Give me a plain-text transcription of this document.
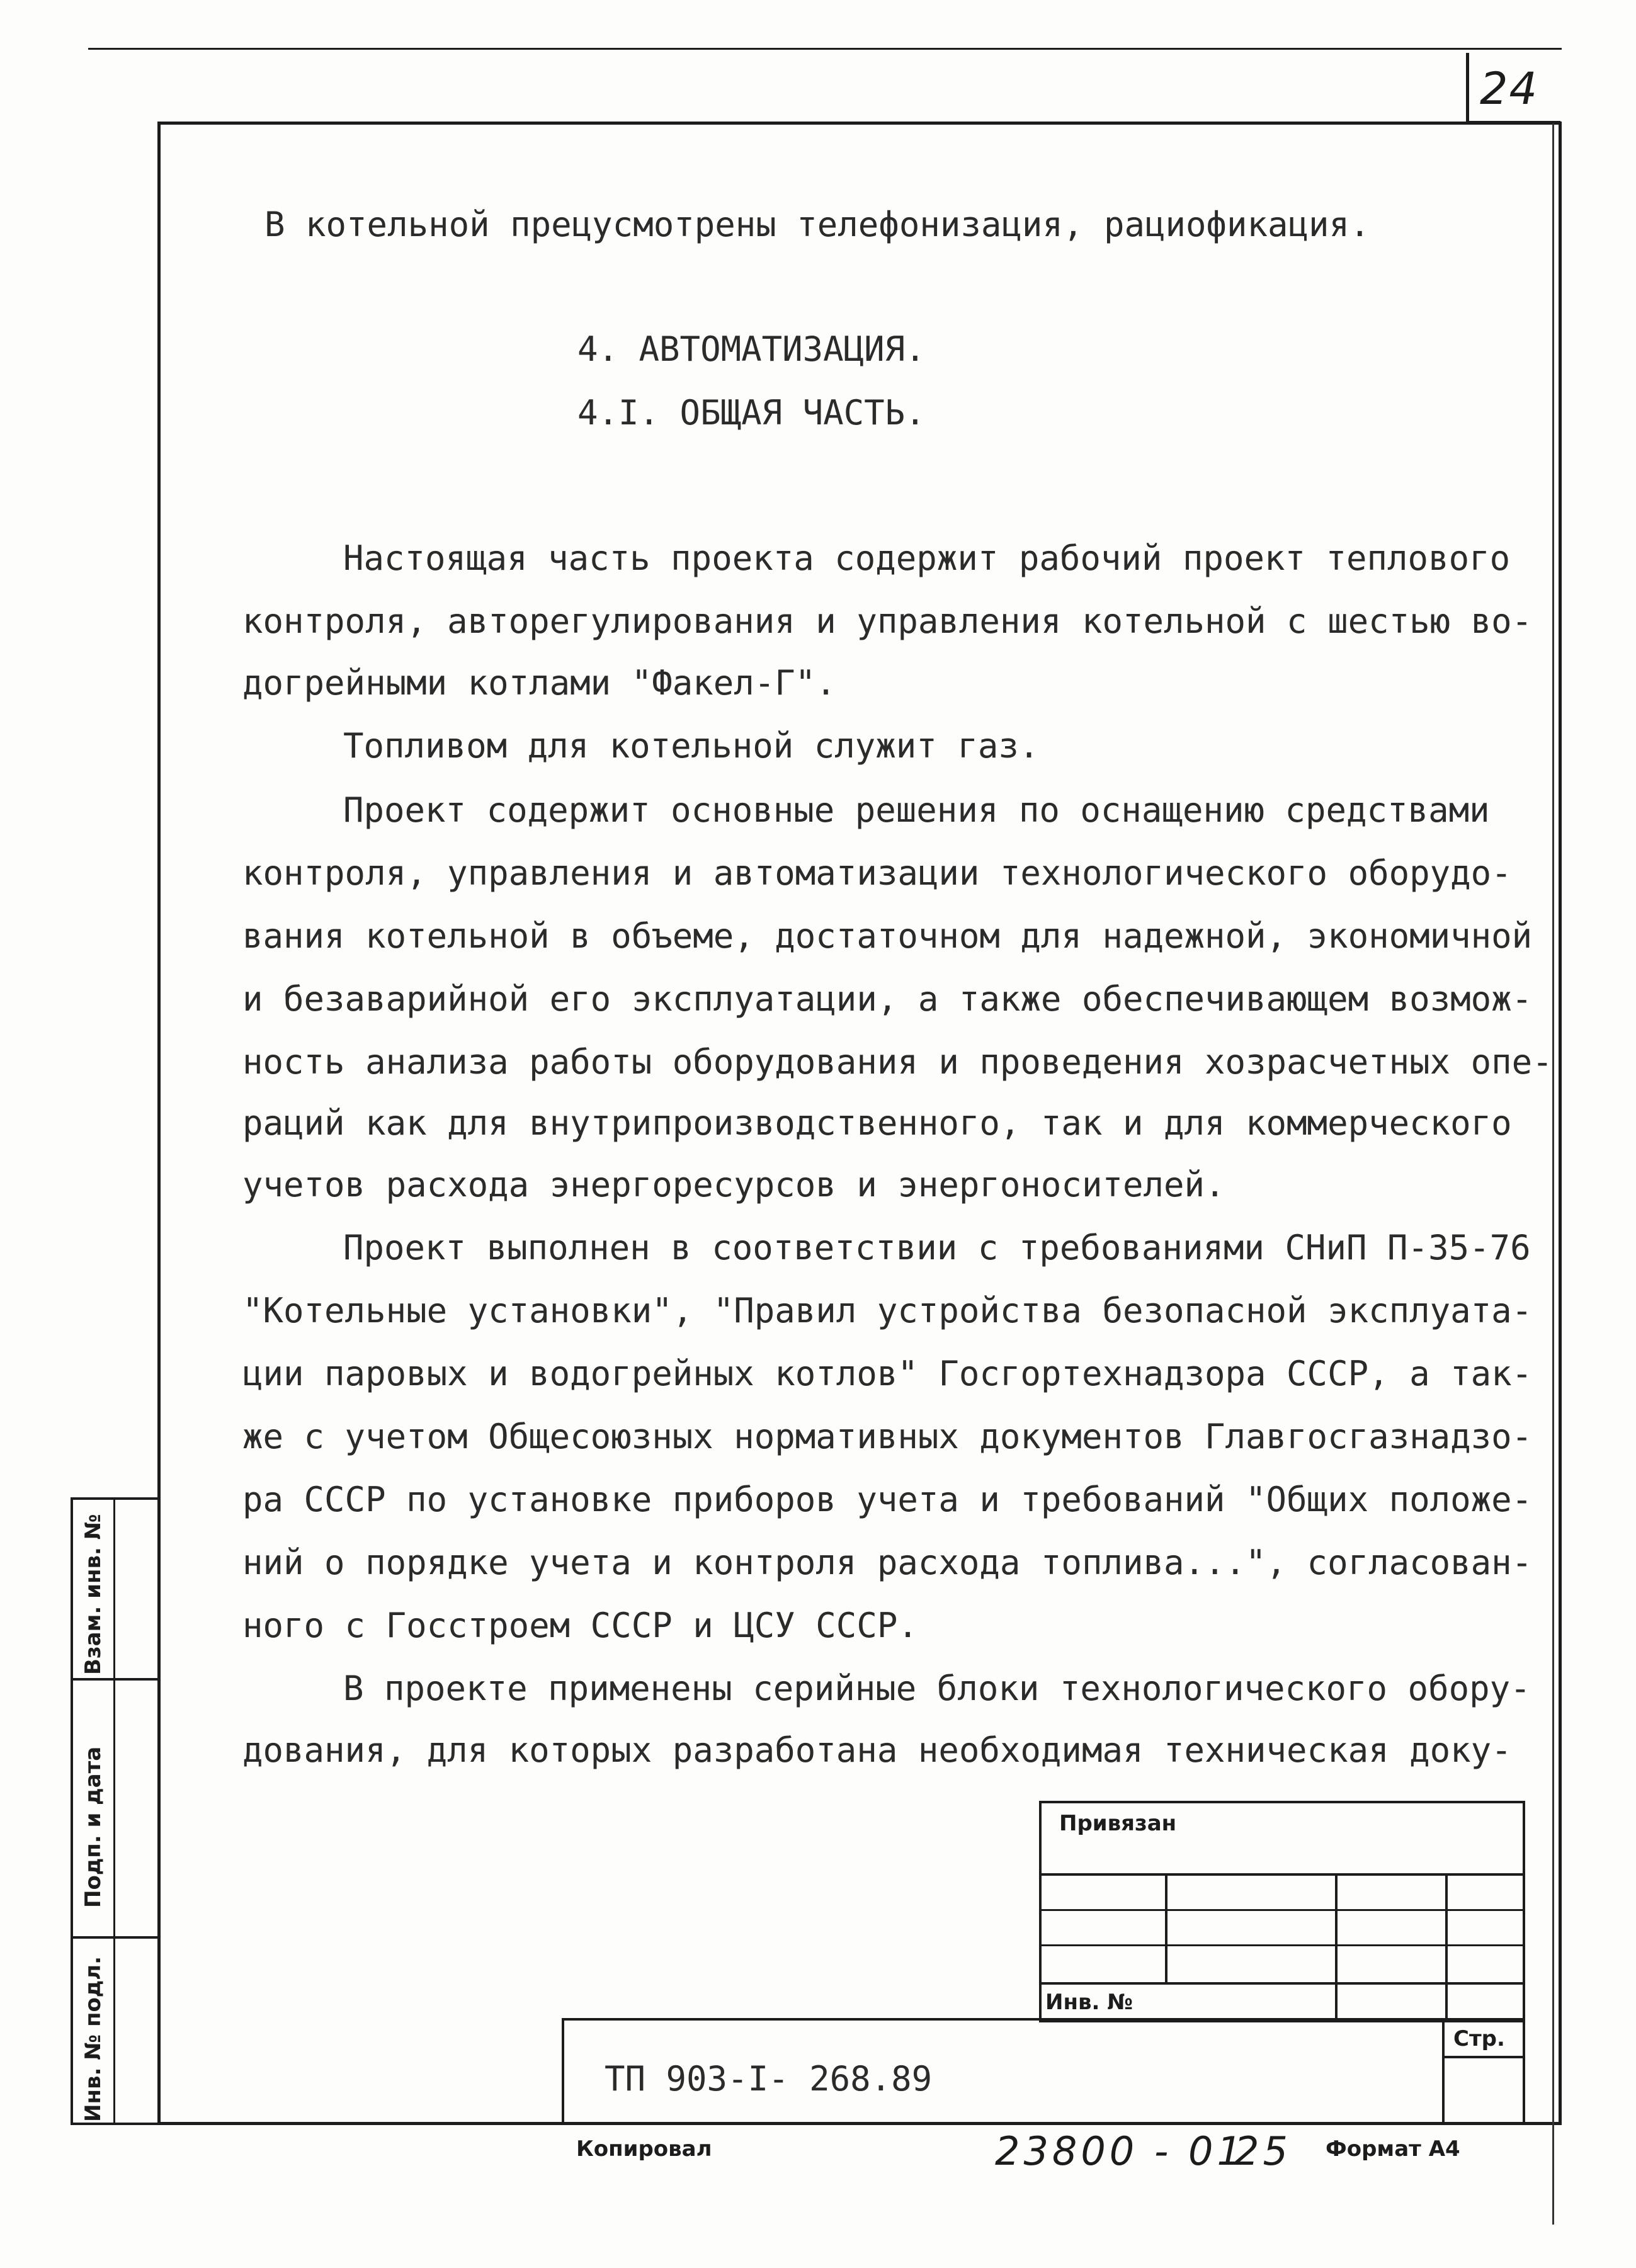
24
В котельной прецусмотрены телефонизация, рациофикация.
4. АВТОМАТИЗАЦИЯ.
4.I. ОБЩАЯ ЧАСТЬ.
Настоящая часть проекта содержит рабочий проект теплового
контроля, авторегулирования и управления котельной с шестью во-
догрейными котлами "Факел-Г".
Топливом для котельной служит газ.
Проект содержит основные решения по оснащению средствами
контроля, управления и автоматизации технологического оборудо-
вания котельной в объеме, достаточном для надежной, экономичной
и безаварийной его эксплуатации, а также обеспечивающем возмож-
ность анализа работы оборудования и проведения хозрасчетных опе-
раций как для внутрипроизводственного, так и для коммерческого
учетов расхода энергоресурсов и энергоносителей.
Проект выполнен в соответствии с требованиями СНиП П-35-76
"Котельные установки", "Правил устройства безопасной эксплуата-
ции паровых и водогрейных котлов" Госгортехнадзора СССР, а так-
же с учетом Общесоюзных нормативных документов Главгосгазнадзо-
ра СССР по установке приборов учета и требований "Общих положе-
ний о порядке учета и контроля расхода топлива...", согласован-
ного с Госстроем СССР и ЦСУ СССР.
В проекте применены серийные блоки технологического обору-
дования, для которых разработана необходимая техническая доку-
Взам. инв. №
Подп. и дата
Инв. № подл.
Привязан
Инв. №
Стр.
ТП 903-I- 268.89
Копировал	23800 - 01
25 Формат А4
